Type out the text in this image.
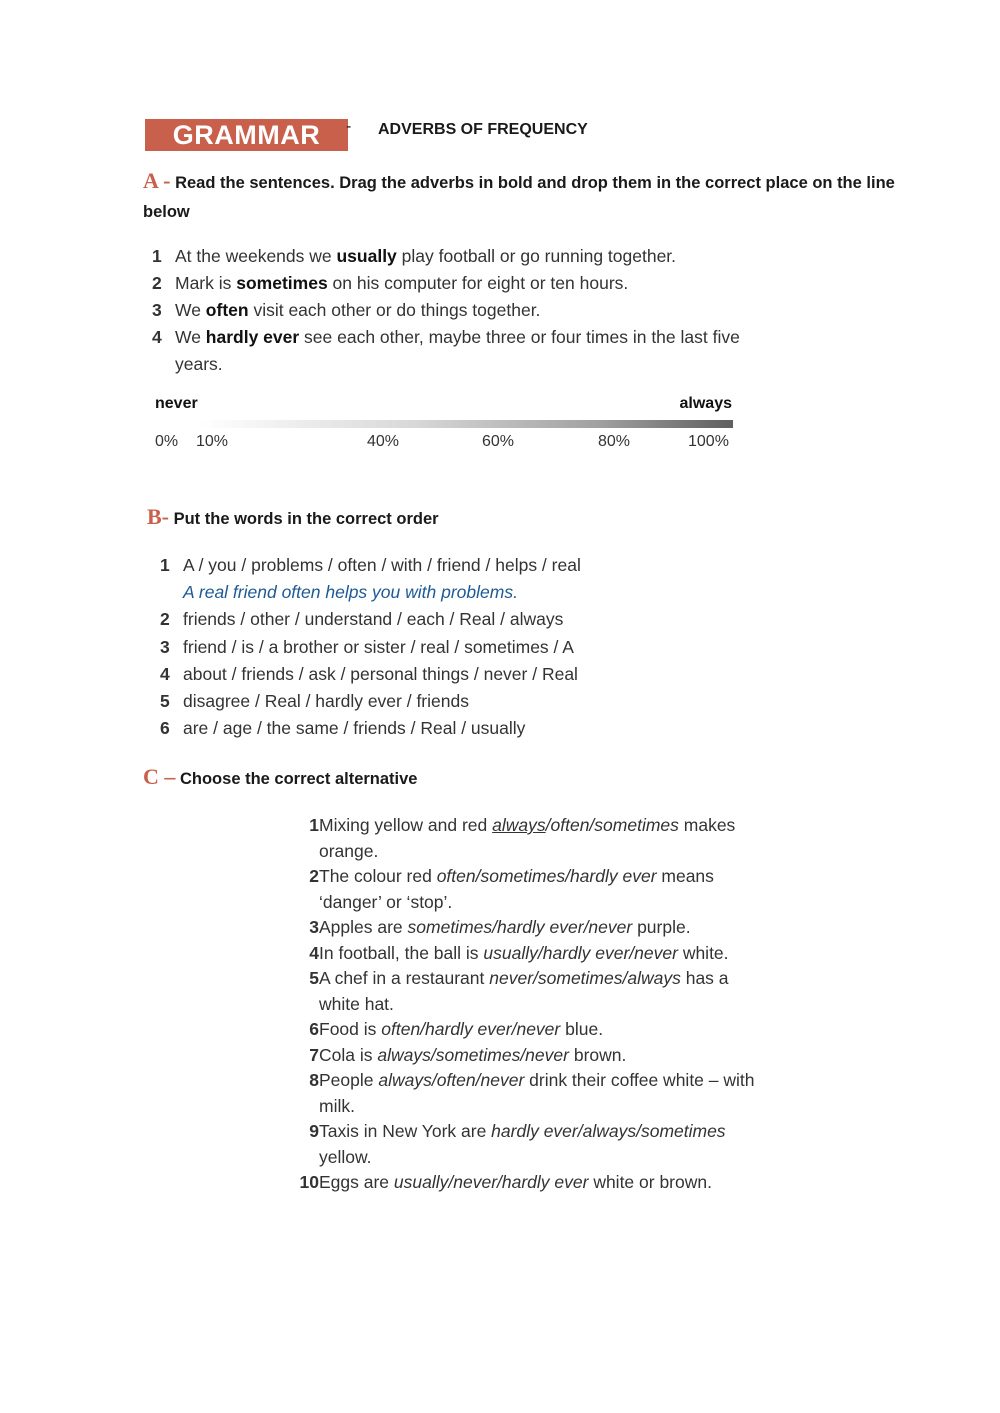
GRAMMAR	- ADVERBS OF FREQUENCY
A - Read the sentences. Drag the adverbs in bold and drop them in the correct place on the line below
1 At the weekends we usually play football or go running together.
2 Mark is sometimes on his computer for eight or ten hours.
3 We often visit each other or do things together.
4 We hardly ever see each other, maybe three or four times in the last five years.
never	always
0% 10%	40%	60%	80%	100%
B- Put the words in the correct order
1 A / you / problems / often / with / friend / helps / real
A real friend often helps you with problems.
2 friends / other / understand / each / Real / always
3 friend / is / a brother or sister / real / sometimes / A
4 about / friends / ask / personal things / never / Real
5 disagree / Real / hardly ever / friends
6 are / age / the same / friends / Real / usually
C – Choose the correct alternative
1 Mixing yellow and red always/often/sometimes makes orange.
2 The colour red often/sometimes/hardly ever means ‘danger’ or ‘stop’.
3 Apples are sometimes/hardly ever/never purple.
4 In football, the ball is usually/hardly ever/never white.
5 A chef in a restaurant never/sometimes/always has a white hat.
6 Food is often/hardly ever/never blue.
7 Cola is always/sometimes/never brown.
8 People always/often/never drink their coffee white – with milk.
9 Taxis in New York are hardly ever/always/sometimes yellow.
10 Eggs are usually/never/hardly ever white or brown.
